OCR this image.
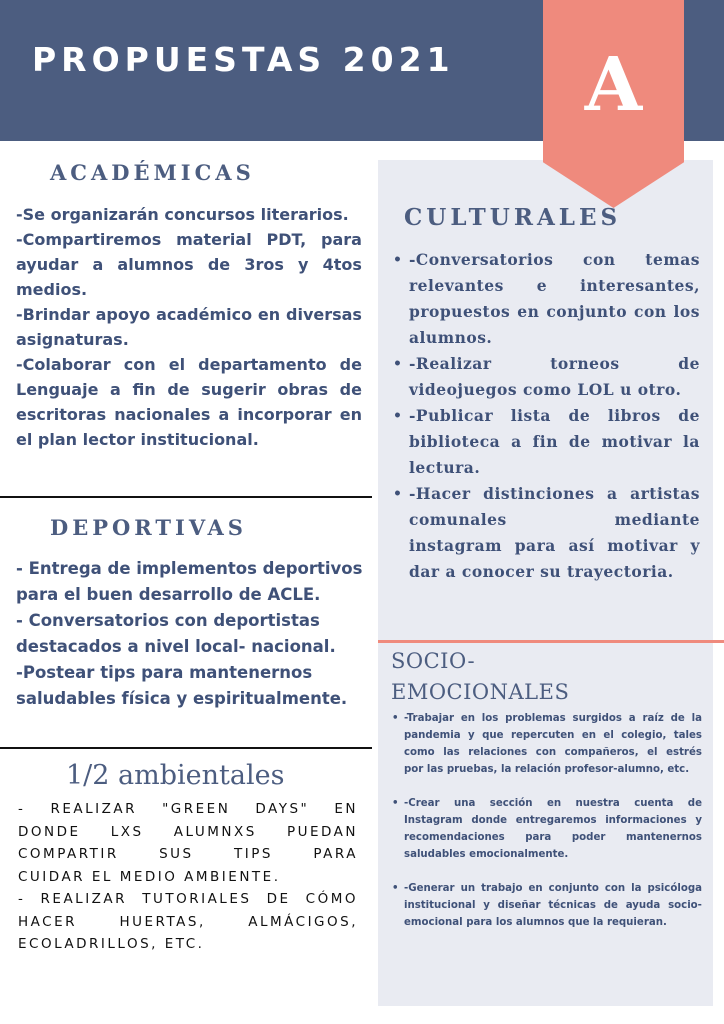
PROPUESTAS 2021	A
ACADÉMICAS
-Se organizarán concursos literarios.
-Compartiremos material PDT, para
ayudar a alumnos de 3ros y 4tos
medios.
-Brindar apoyo académico en diversas
asignaturas.
-Colaborar con el departamento de
Lenguaje a fin de sugerir obras de
escritoras nacionales a incorporar en
el plan lector institucional.
DEPORTIVAS
- Entrega de implementos deportivos
para el buen desarrollo de ACLE.
- Conversatorios con deportistas
destacados a nivel local- nacional.
-Postear tips para mantenernos
saludables física y espiritualmente.
1/2 ambientales
- REALIZAR "GREEN DAYS" EN
DONDE LXS ALUMNXS PUEDAN
COMPARTIR	SUS	TIPS	PARA
CUIDAR EL MEDIO AMBIENTE.
- REALIZAR TUTORIALES DE CÓMO
HACER	HUERTAS,	ALMÁCIGOS,
ECOLADRILLOS, ETC.
CULTURALES
• -Conversatorios con temas
relevantes e interesantes,
propuestos en conjunto con los
alumnos.
• -Realizar	torneos	de
videojuegos como LOL u otro.
• -Publicar lista de libros de
biblioteca a fin de motivar la
lectura.
• -Hacer distinciones a artistas
comunales	mediante
instagram para así motivar y
dar a conocer su trayectoria.
SOCIO-
EMOCIONALES
• -Trabajar en los problemas surgidos a raíz de la
pandemia y que repercuten en el colegio, tales
como las relaciones con compañeros, el estrés
por las pruebas, la relación profesor-alumno, etc.
• -Crear una sección en nuestra cuenta de
Instagram donde entregaremos informaciones y
recomendaciones para poder mantenernos
saludables emocionalmente.
• -Generar un trabajo en conjunto con la psicóloga
institucional y diseñar técnicas de ayuda socio-
emocional para los alumnos que la requieran.
